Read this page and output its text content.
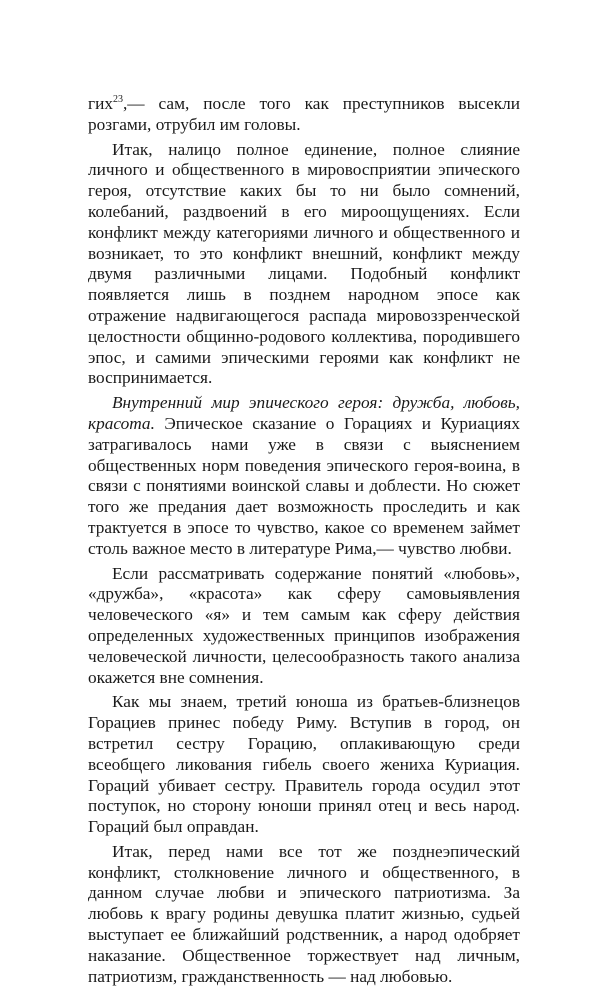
гих$^{23}$,— сам, после того как преступников высекли розгами, отрубил им головы.

Итак, налицо полное единение, полное слияние личного и общественного в мировосприятии эпического героя, отсутствие каких бы то ни было сомнений, колебаний, раздвоений в его мироощущениях. Если конфликт между категориями личного и общественного и возникает, то это конфликт внешний, конфликт между двумя различными лицами. Подобный конфликт появляется лишь в позднем народном эпосе как отражение надвигающегося распада мировоззренческой целостности общинно-родового коллектива, породившего эпос, и самими эпическими героями как конфликт не воспринимается.

Внутренний мир эпического героя: дружба, любовь, красота. Эпическое сказание о Горациях и Куриациях затрагивалось нами уже в связи с выяснением общественных норм поведения эпического героя-воина, в связи с понятиями воинской славы и доблести. Но сюжет того же предания дает возможность проследить и как трактуется в эпосе то чувство, какое со временем займет столь важное место в литературе Рима,— чувство любви.

Если рассматривать содержание понятий «любовь», «дружба», «красота» как сферу самовыявления человеческого «я» и тем самым как сферу действия определенных художественных принципов изображения человеческой личности, целесообразность такого анализа окажется вне сомнения.

Как мы знаем, третий юноша из братьев-близнецов Горациев принес победу Риму. Вступив в город, он встретил сестру Горацию, оплакивающую среди всеобщего ликования гибель своего жениха Куриация. Гораций убивает сестру. Правитель города осудил этот поступок, но сторону юноши принял отец и весь народ. Гораций был оправдан.

Итак, перед нами все тот же позднеэпический конфликт, столкновение личного и общественного, в данном случае любви и эпического патриотизма. За любовь к врагу родины девушка платит жизнью, судьей выступает ее ближайший родственник, а народ одобряет наказание. Общественное торжествует над личным, патриотизм, гражданственность — над любовью.
